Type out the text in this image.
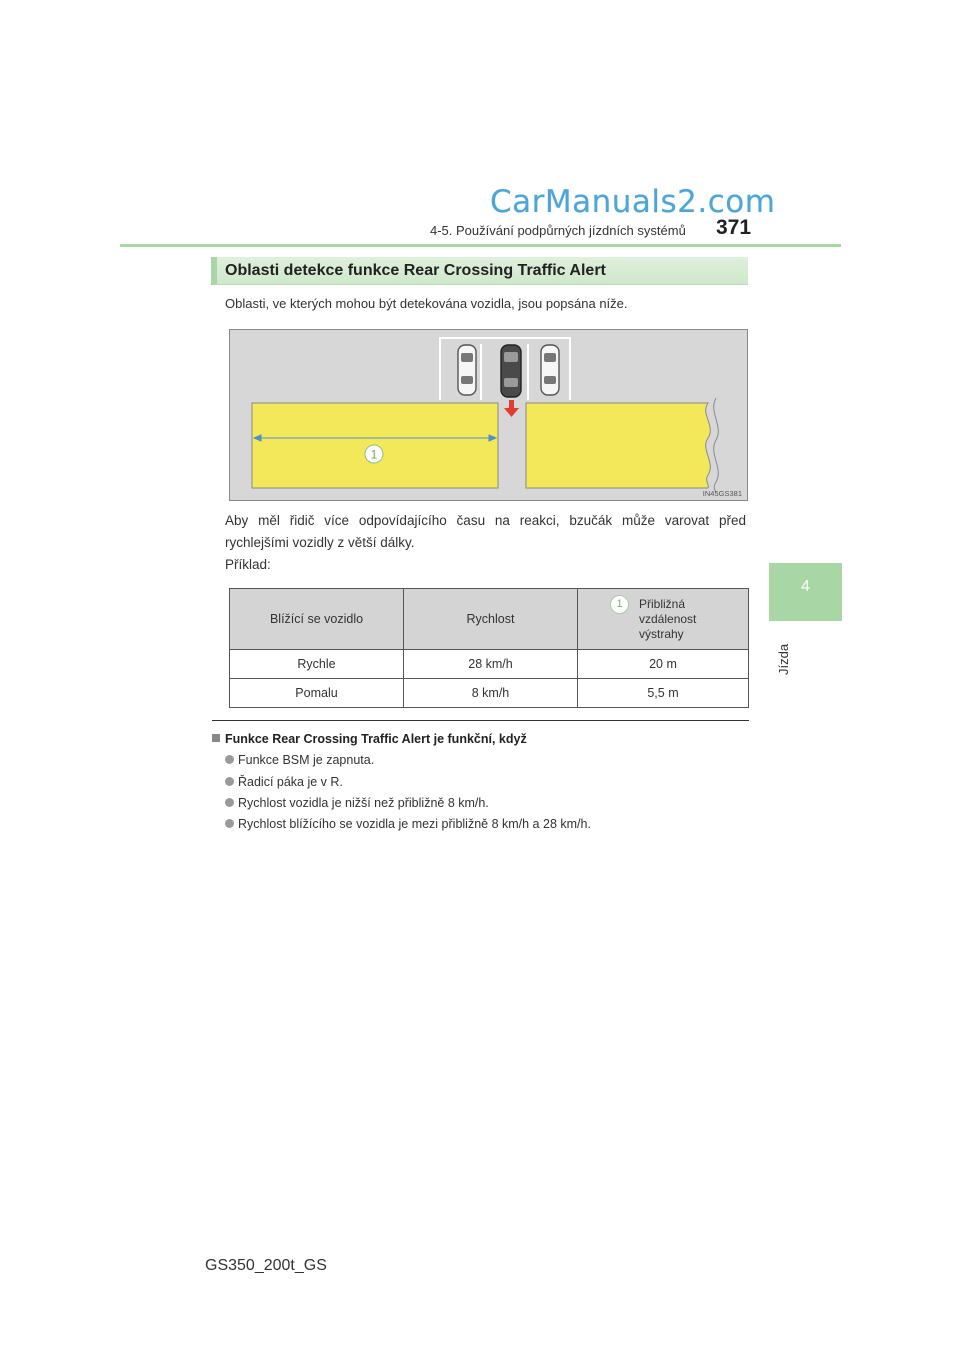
CarManuals2.com
4-5. Používání podpůrných jízdních systémů 371
4
Jízda
Oblasti detekce funkce Rear Crossing Traffic Alert
Oblasti, ve kterých mohou být detekována vozidla, jsou popsána níže.
1
IN45GS381
Aby měl řidič více odpovídajícího času na reakci, bzučák může varovat před
rychlejšími vozidly z větší dálky.
Příklad:
Blížící se vozidlo	Rychlost	1 Přibližná
vzdálenost
výstrahy

Rychle	28 km/h	20 m
Pomalu	8 km/h	5,5 m
Funkce Rear Crossing Traffic Alert je funkční, když
Funkce BSM je zapnuta.
Řadicí páka je v R.
Rychlost vozidla je nižší než přibližně 8 km/h.
Rychlost blížícího se vozidla je mezi přibližně 8 km/h a 28 km/h.
GS350_200t_GS
